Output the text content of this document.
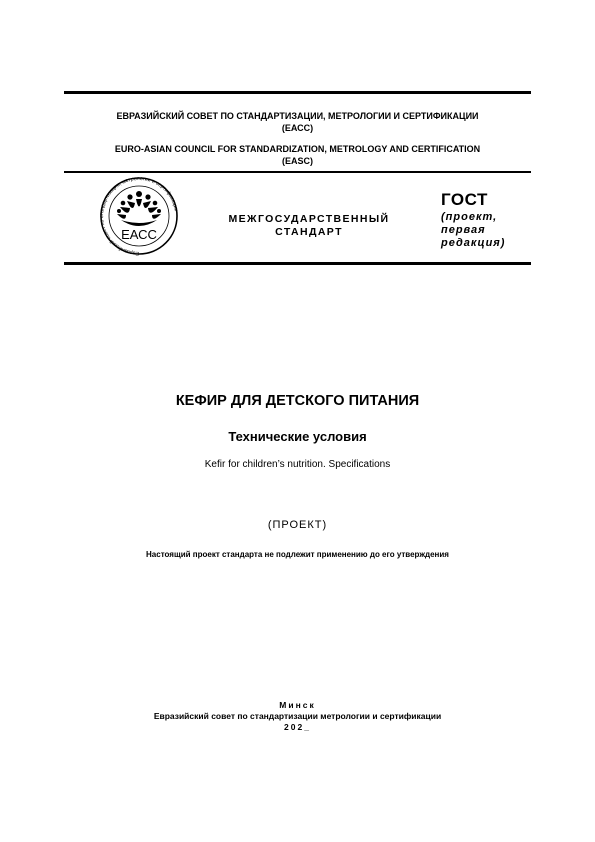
ЕВРАЗИЙСКИЙ СОВЕТ ПО СТАНДАРТИЗАЦИИ, МЕТРОЛОГИИ И СЕРТИФИКАЦИИ
(ЕАСС)
EURO-ASIAN COUNCIL FOR STANDARDIZATION, METROLOGY AND CERTIFICATION
(EASC)
Евразийский совет по стандартизации, метрологии и сертификации
ЕАСС
МЕЖГОСУДАРСТВЕННЫЙ
СТАНДАРТ
ГОСТ
(проект,
первая
редакция)
КЕФИР ДЛЯ ДЕТСКОГО ПИТАНИЯ
Технические условия
Kefir for children’s nutrition. Specifications
(ПРОЕКТ)
Настоящий проект стандарта не подлежит применению до его утверждения
Минск
Евразийский совет по стандартизации метрологии и сертификации
202_
